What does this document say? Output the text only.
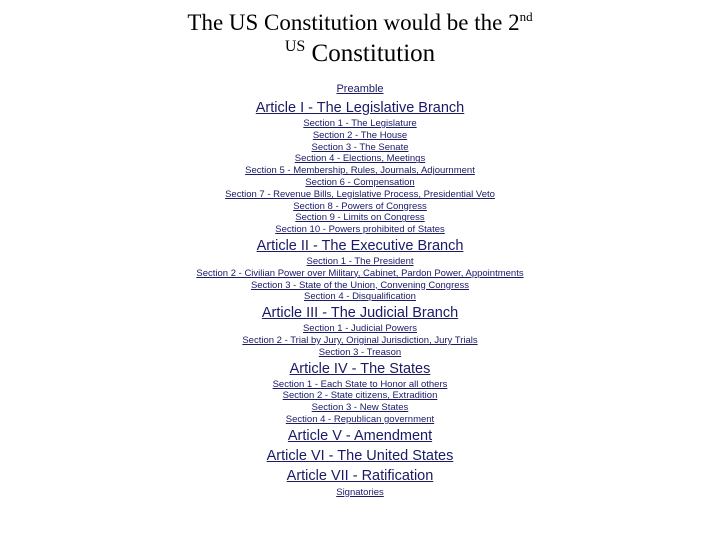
The US Constitution would be the 2nd
$^{US}$ Constitution
Preamble
Article I - The Legislative Branch
Section 1 - The Legislature
Section 2 - The House
Section 3 - The Senate
Section 4 - Elections, Meetings
Section 5 - Membership, Rules, Journals, Adjournment
Section 6 - Compensation
Section 7 - Revenue Bills, Legislative Process, Presidential Veto
Section 8 - Powers of Congress
Section 9 - Limits on Congress
Section 10 - Powers prohibited of States
Article II - The Executive Branch
Section 1 - The President
Section 2 - Civilian Power over Military, Cabinet, Pardon Power, Appointments
Section 3 - State of the Union, Convening Congress
Section 4 - Disqualification
Article III - The Judicial Branch
Section 1 - Judicial Powers
Section 2 - Trial by Jury, Original Jurisdiction, Jury Trials
Section 3 - Treason
Article IV - The States
Section 1 - Each State to Honor all others
Section 2 - State citizens, Extradition
Section 3 - New States
Section 4 - Republican government
Article V - Amendment
Article VI - The United States
Article VII - Ratification
Signatories
